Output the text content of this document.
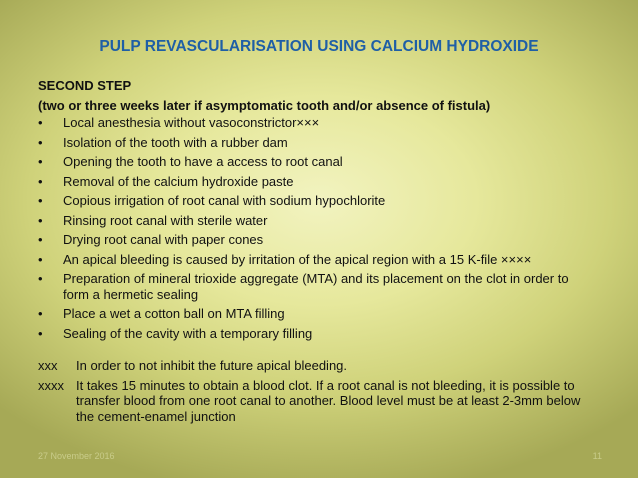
PULP REVASCULARISATION USING CALCIUM HYDROXIDE
SECOND STEP
(two or three weeks later if asymptomatic tooth and/or absence of fistula)
• Local anesthesia without vasoconstrictor×××
• Isolation of the tooth with a rubber dam
• Opening the tooth to have a access to root canal
• Removal of the calcium hydroxide paste
• Copious irrigation of root canal with sodium hypochlorite
• Rinsing root canal with sterile water
• Drying root canal with paper cones
• An apical bleeding is caused by irritation of the apical region with a 15 K-file ××××
• Preparation of mineral trioxide aggregate (MTA) and its placement on the clot in order to form a hermetic sealing
• Place a wet a cotton ball on MTA filling
• Sealing of the cavity with a temporary filling
xxx In order to not inhibit the future apical bleeding.
xxxx It takes 15 minutes to obtain a blood clot. If a root canal is not bleeding, it is possible to transfer blood from one root canal to another. Blood level must be at least 2-3mm below the cement-enamel junction
27 November 2016	11
